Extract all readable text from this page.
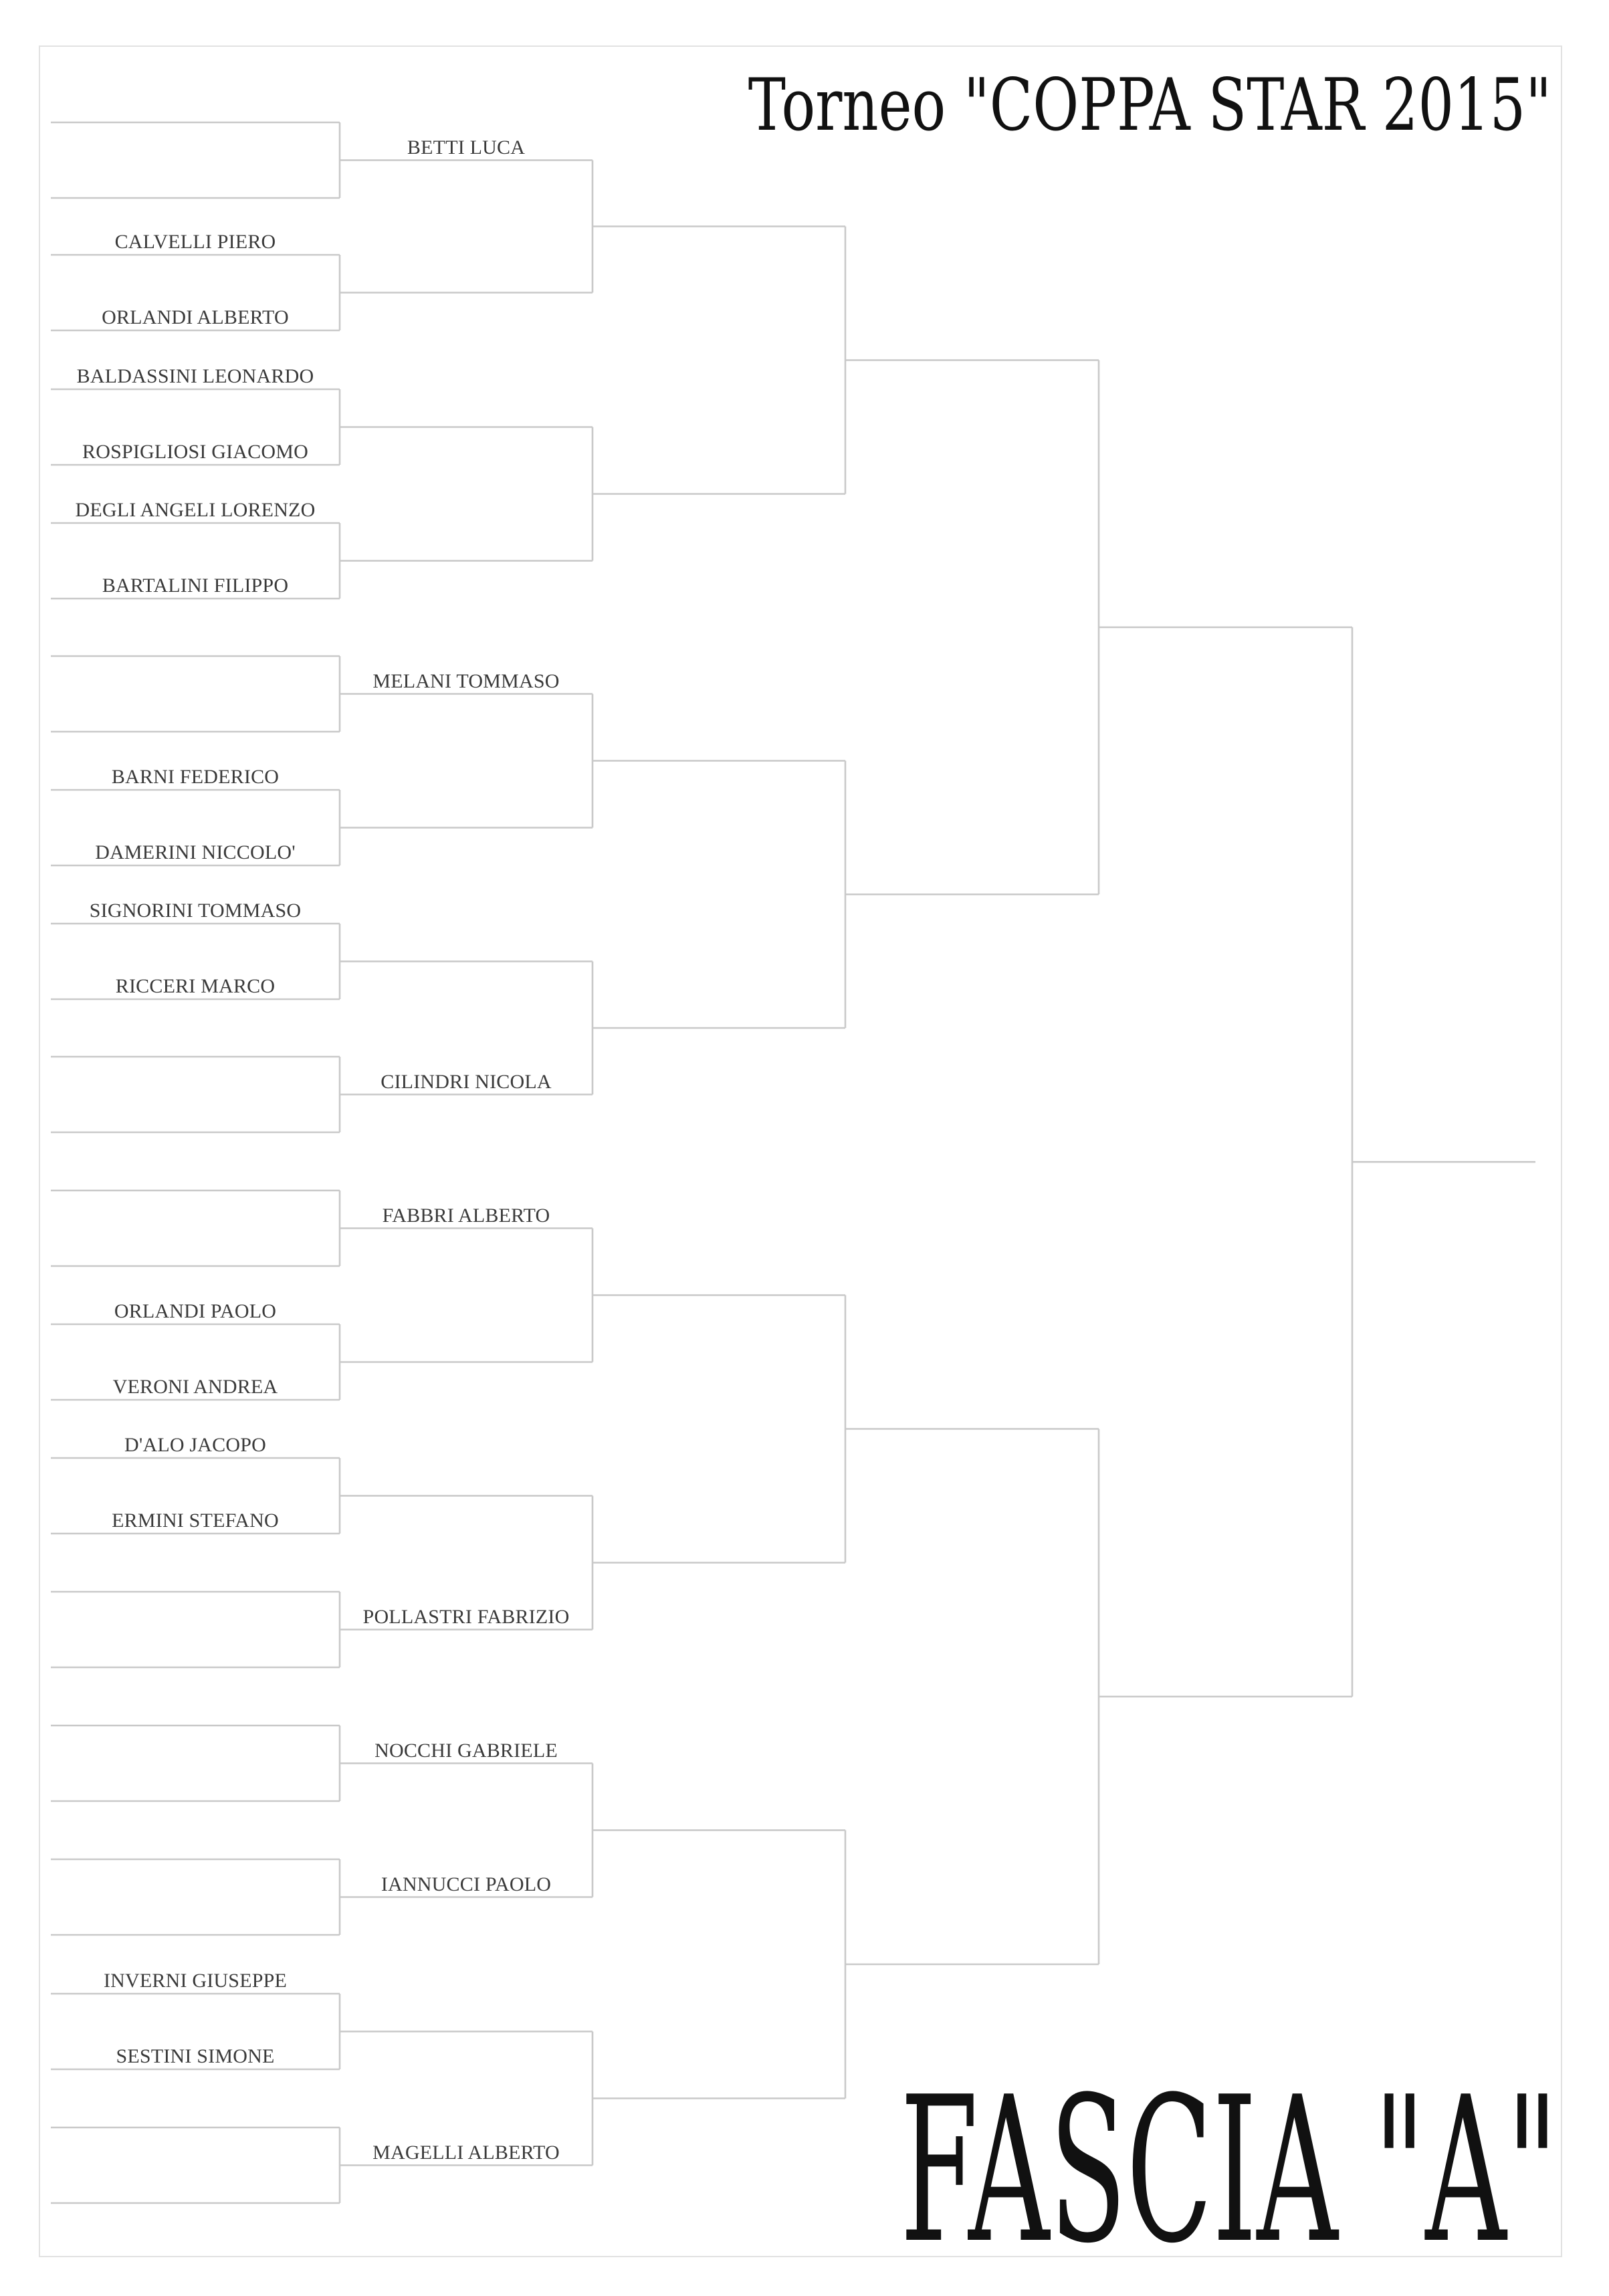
CALVELLI PIERO
ORLANDI ALBERTO
BALDASSINI LEONARDO
ROSPIGLIOSI GIACOMO
DEGLI ANGELI LORENZO
BARTALINI FILIPPO
BARNI FEDERICO
DAMERINI NICCOLO'
SIGNORINI TOMMASO
RICCERI MARCO
ORLANDI PAOLO
VERONI ANDREA
D'ALO JACOPO
ERMINI STEFANO
INVERNI GIUSEPPE
SESTINI SIMONE
BETTI LUCA
MELANI TOMMASO
CILINDRI NICOLA
FABBRI ALBERTO
POLLASTRI FABRIZIO
NOCCHI GABRIELE
IANNUCCI PAOLO
MAGELLI ALBERTO
Torneo "COPPA STAR 2015"
FASCIA "A"
